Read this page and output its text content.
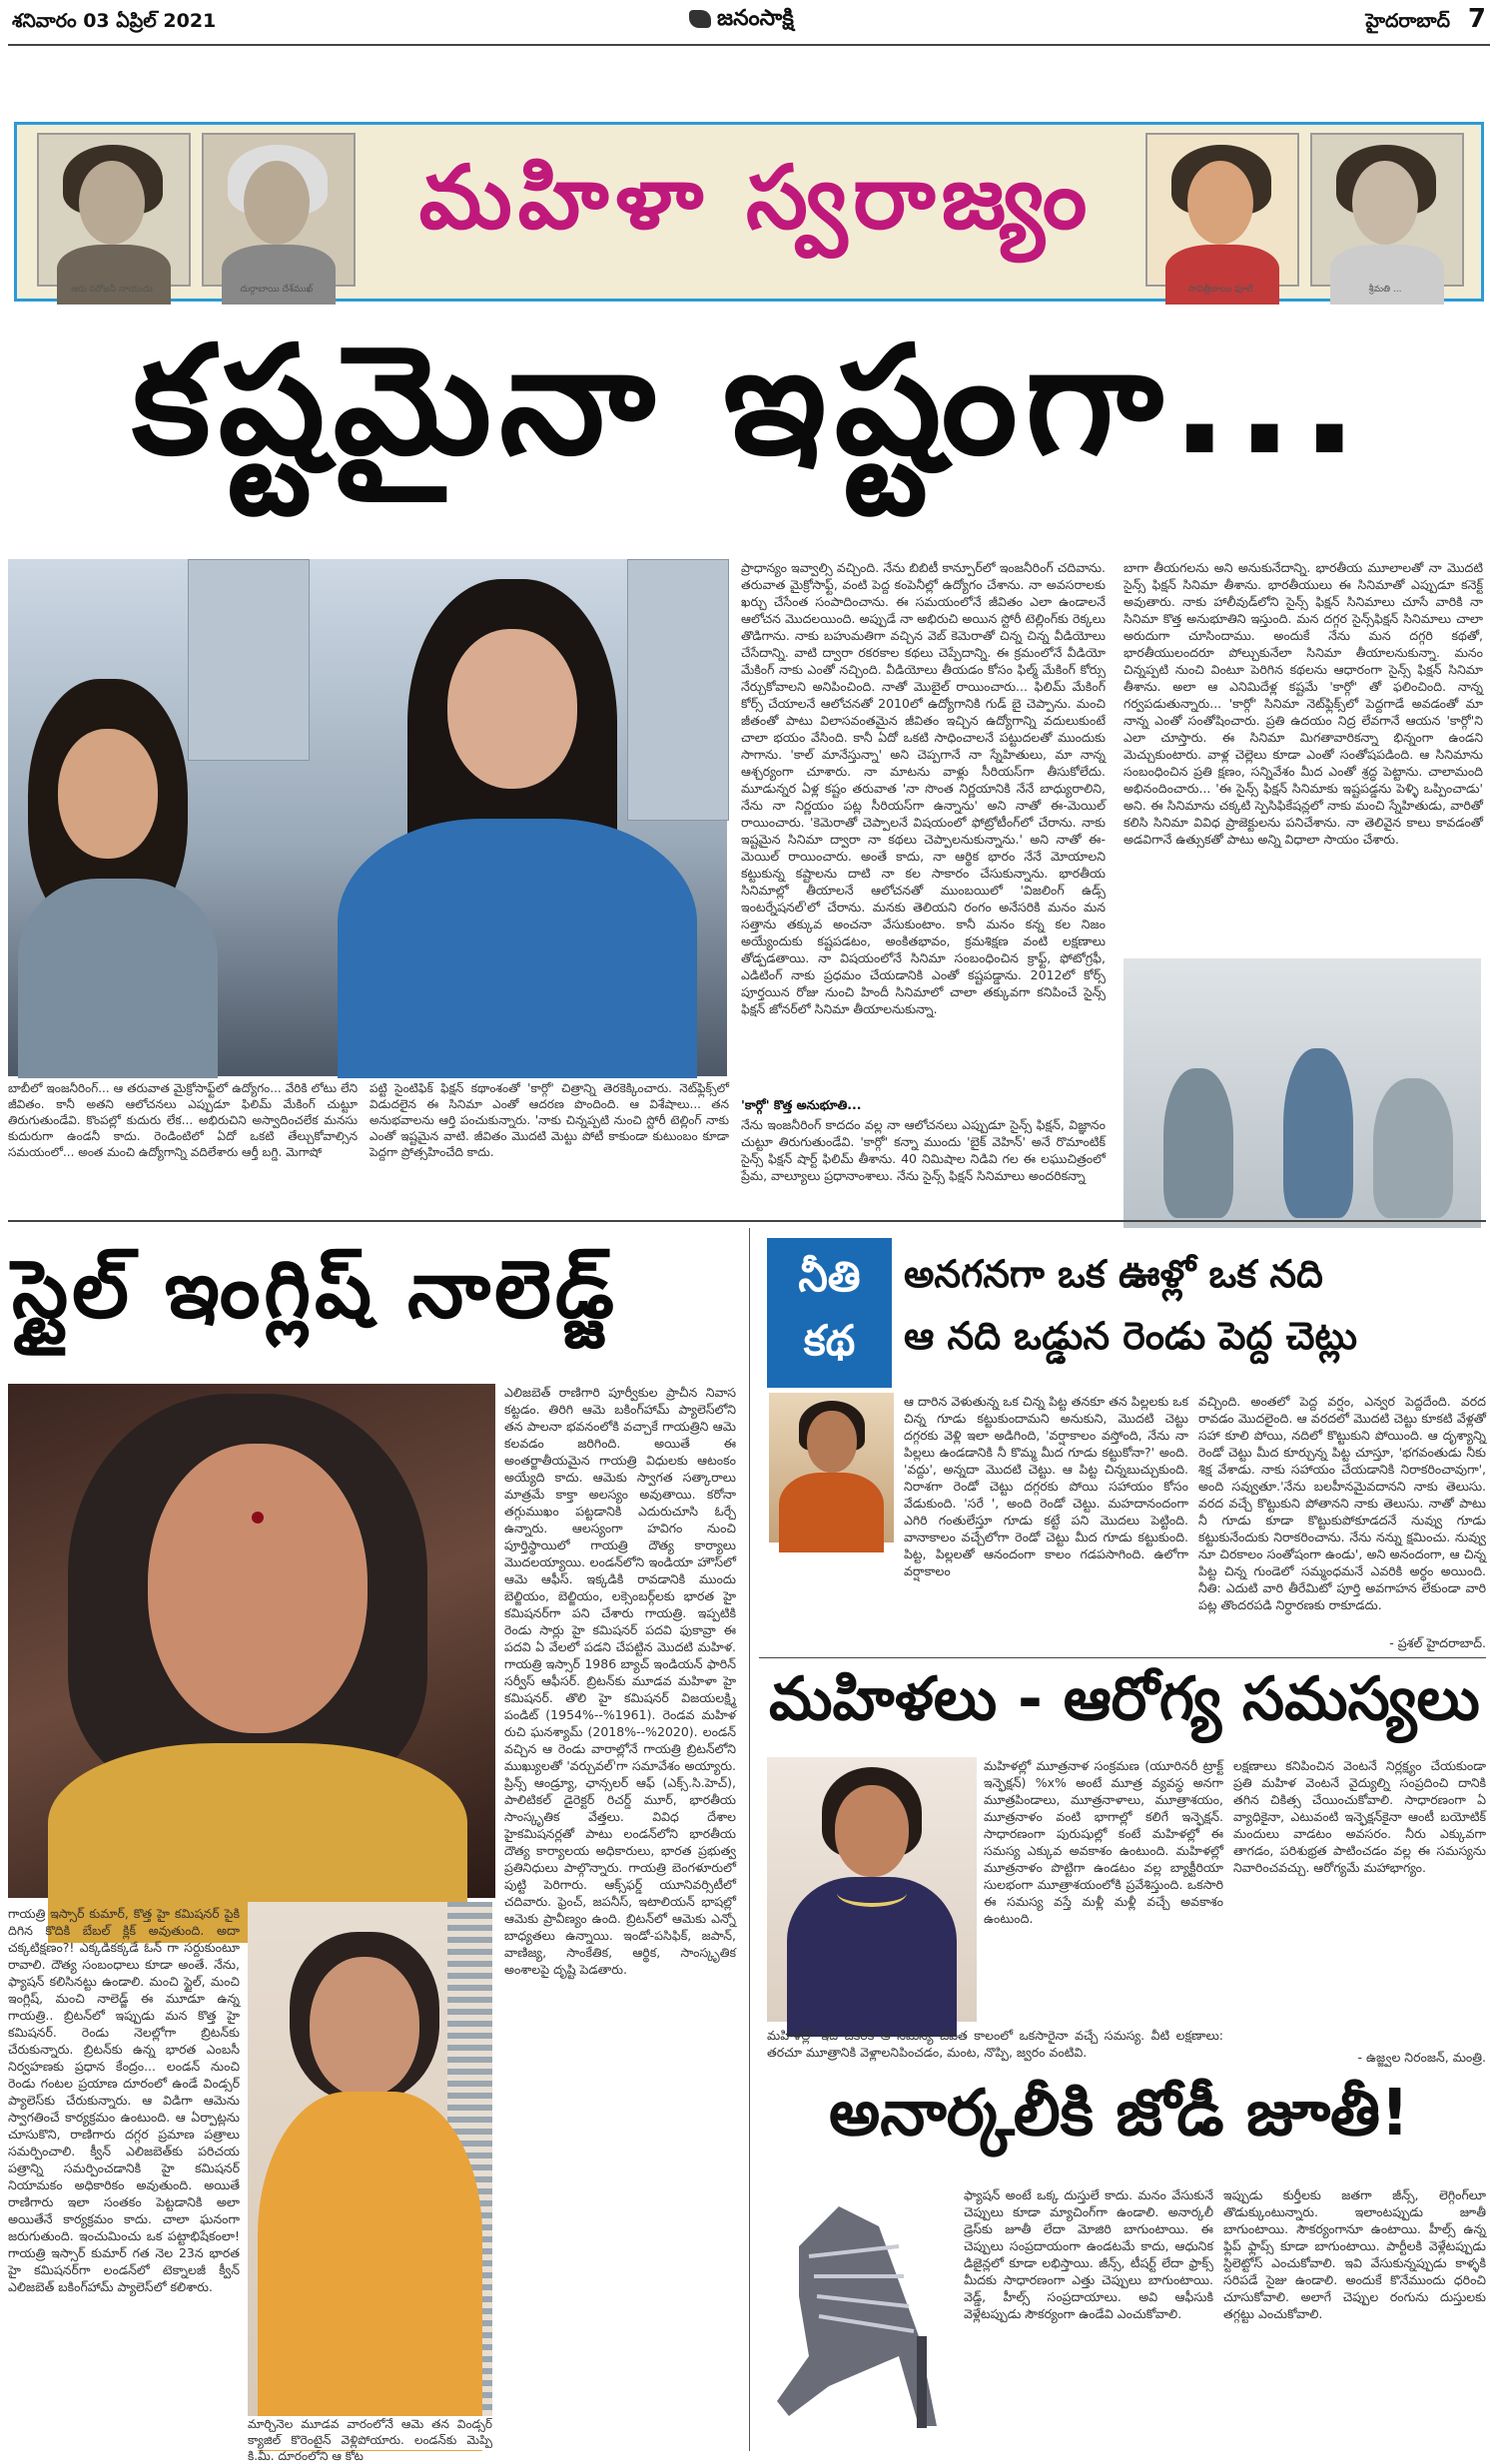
శనివారం 03 ఏప్రిల్ 2021	జనంసాక్షి	హైదరాబాద్ 7
ఆరు సరోజనీ నాయుడు	దుర్గాబాయి దేశ్‌ముఖ్
మహిళా స్వరాజ్యం
సావిత్రీబాయి ఫూలే	శ్రీమతి ...
కష్టమైనా ఇష్టంగా...
బాబీలో ఇంజనీరింగ్... ఆ తరువాత మైక్రోసాఫ్ట్‌లో ఉద్యోగం... వేరికి లోటు లేని జీవితం. కానీ అతని ఆలోచనలు ఎప్పుడూ ఫిలిమ్ మేకింగ్ చుట్టూ తిరుగుతుండేవి. కొంపల్లో కుదురు లేక... అభిరుచిని అస్వాదించలేక మనసు కుదురుగా ఉండనీ కాదు. రెండింటిలో ఏదో ఒకటి తేల్చుకోవాల్సిన సమయంలో... అంత మంచి ఉద్యోగాన్ని వదిలేశారు ఆర్తీ బగ్డి. మెగాషో
పట్టి సైంటిఫిక్ ఫిక్షన్ కథాంశంతో 'కార్గో' చిత్రాన్ని తెరకెక్కించారు. నెట్‌ఫ్లిక్స్‌లో విడుదలైన ఈ సినిమా ఎంతో ఆదరణ పొందింది. ఆ విశేషాలు... తన అనుభవాలను ఆర్తి పంచుకున్నారు. 'నాకు చిన్నప్పటి నుంచి స్టోరీ టెల్లింగ్ నాకు ఎంతో ఇష్టమైన వాటి. జీవితం మొదటి మెట్టు పోటీ కాకుండా కుటుంబం కూడా పెద్దగా ప్రోత్సహించేది కాదు.
ప్రాధాన్యం ఇవ్వాల్సి వచ్చింది. నేను బిబిటీ కాన్పూర్‌లో ఇంజనీరింగ్ చదివాను. తరువాత మైక్రోసాఫ్ట్, వంటి పెద్ద కంపెనీల్లో ఉద్యోగం చేశాను. నా అవసరాలకు ఖర్చు చేసేంత సంపాదించాను. ఈ సమయంలోనే జీవితం ఎలా ఉండాలనే ఆలోచన మొదలయింది. అప్పుడే నా అభిరుచి అయిన స్టోరీ టెల్లింగ్‌కు రెక్కలు తొడిగాను. నాకు బహుమతిగా వచ్చిన వెబ్ కెమెరాతో చిన్న చిన్న వీడియోలు చేసేదాన్ని. వాటి ద్వారా రకరకాల కథలు చెప్పేదాన్ని. ఈ క్రమంలోనే వీడియో మేకింగ్ నాకు ఎంతో నచ్చింది. వీడియోలు తీయడం కోసం ఫిల్మ్ మేకింగ్ కోర్సు నేర్చుకోవాలని అనిపించింది. నాతో మొబైల్ రాయించారు... ఫిలిమ్ మేకింగ్ కోర్స్ చేయాలనే ఆలోచనతో 2010లో ఉద్యోగానికి గుడ్ బై చెప్పాను. మంచి జీతంతో పాటు విలాసవంతమైన జీవితం ఇచ్చిన ఉద్యోగాన్ని వదులుకుంటే చాలా భయం వేసింది. కానీ ఏదో ఒకటి సాధించాలనే పట్టుదలతో ముందుకు సాగాను. 'కాల్ మానేస్తున్నా' అని చెప్పగానే నా స్నేహితులు, మా నాన్న ఆశ్చర్యంగా చూశారు. నా మాటను వాళ్లు సీరియస్‌గా తీసుకోలేదు. మూడున్నర ఏళ్ల కష్టం తరువాత 'నా సొంత నిర్ణయానికి నేనే బాధ్యురాలిని, నేను నా నిర్ణయం పట్ల సీరియస్‌గా ఉన్నాను' అని నాతో ఈ-మెయిల్ రాయించారు. 'కెమెరాతో చెప్పాలనే విషయంలో ఫోట్రోటీంగ్‌లో చేరాను. నాకు ఇష్టమైన సినిమా ద్వారా నా కథలు చెప్పాలనుకున్నాను.' అని నాతో ఈ-మెయిల్ రాయించారు. అంతే కాదు, నా ఆర్థిక భారం నేనే మోయాలని కట్టుకున్న కష్టాలను దాటి నా కల సాకారం చేసుకున్నాను. భారతీయ సినిమాల్లో తీయాలనే ఆలోచనతో ముంబయిలో 'విజలింగ్ ఉడ్స్ ఇంటర్నేషనల్'లో చేరాను. మనకు తెలియని రంగం అనేసరికి మనం మన సత్తాను తక్కువ అంచనా వేసుకుంటాం. కానీ మనం కన్న కల నిజం అయ్యేందుకు కష్టపడటం, అంకితభావం, క్రమశిక్షణ వంటి లక్షణాలు తోడ్పడతాయి. నా విషయంలోనే సినిమా సంబంధించిన క్రాఫ్ట్, ఫోటోగ్రఫీ, ఎడిటింగ్ నాకు ప్రధమం చేయడానికి ఎంతో కష్టపడ్డాను. 2012లో కోర్స్ పూర్తయిన రోజు నుంచి హిందీ సినిమాలో చాలా తక్కువగా కనిపించే సైన్స్ ఫిక్షన్ జోనర్‌లో సినిమా తీయాలనుకున్నా.
'కార్గో' కొత్త అనుభూతి...
నేను ఇంజనీరింగ్ కాదదం వల్ల నా ఆలోచనలు ఎప్పుడూ సైన్స్ ఫిక్షన్, విజ్ఞానం చుట్టూ తిరుగుతుండేవి. 'కార్గో' కన్నా ముందు 'బైక్ వెహిన్' అనే రొమాంటిక్ సైన్స్ ఫిక్షన్ షార్ట్ ఫిలిమ్ తీశాను. 40 నిమిషాల నిడివి గల ఈ లఘుచిత్రంలో ప్రేమ, వాల్యూలు ప్రధానాంశాలు. నేను సైన్స్ ఫిక్షన్ సినిమాలు అందరికన్నా
బాగా తీయగలను అని అనుకునేదాన్ని. భారతీయ మూలాలతో నా మొదటి సైన్స్ ఫిక్షన్ సినిమా తీశాను. భారతీయులు ఈ సినిమాతో ఎప్పుడూ కనెక్ట్ అవుతారు. నాకు హాలీవుడ్‌లోని సైన్స్ ఫిక్షన్ సినిమాలు చూసే వారికి నా సినిమా కొత్త అనుభూతిని ఇస్తుంది. మన దగ్గర సైన్స్‌ఫిక్షన్ సినిమాలు చాలా అరుదుగా చూసిందాము. అందుకే నేను మన దగ్గరి కథతో, భారతీయులందరూ పోల్చుకునేలా సినిమా తీయాలనుకున్నా. మనం చిన్నప్పటి నుంచి వింటూ పెరిగిన కథలను ఆధారంగా సైన్స్ ఫిక్షన్ సినిమా తీశాను. అలా ఆ ఎనిమిదేళ్ల కష్టమే 'కార్గో' తో ఫలించింది. నాన్న గర్వపడుతున్నారు... 'కార్గో' సినిమా నెట్‌ఫ్లిక్స్‌లో పెద్దగాడే అవడంతో మా నాన్న ఎంతో సంతోషించారు. ప్రతి ఉదయం నిద్ర లేవగానే ఆయన 'కార్గో'ని ఎలా చూస్తారు. ఈ సినిమా మిగతావారికన్నా భిన్నంగా ఉండని మెచ్చుకుంటారు. వాళ్ల చెల్లెలు కూడా ఎంతో సంతోషపడింది. ఆ సినిమాను సంబంధించిన ప్రతి క్షణం, సన్నివేశం మీద ఎంతో శ్రద్ధ పెట్టాను. చాలామంది అభినందించారు... 'ఈ సైన్స్ ఫిక్షన్ సినిమాకు ఇష్టపడ్డను పెళ్ళి ఒప్పించాడు' అని. ఈ సినిమాను చక్కటి స్పెసిఫికేషన్లలో నాకు మంచి స్నేహితుడు, వారితో కలిసి సినిమా వివిధ ప్రాజెక్టులను పనిచేశాను. నా తెలివైన కాలు కావడంతో అడవిగానే ఉత్సుకతో పాటు అన్ని విధాలా సాయం చేశారు.
స్టైల్ ఇంగ్లిష్ నాలెడ్జ్
ఎలిజబెత్ రాణిగారి పూర్వీకుల ప్రాచీన నివాస కట్టడం. తిరిగి ఆమె బకింగ్‌హామ్ ప్యాలెస్‌లోని తన పాలనా భవనంలోకి వచ్చాకే గాయత్రిని ఆమె కలవడం జరిగింది. అయితే ఈ అంతర్జాతీయమైన గాయత్రి విధులకు ఆటంకం అయ్యేది కాదు. ఆమెకు స్వాగత సత్కారాలు మాత్రమే కాక్తా అలస్యం అవుతాయి. కరోనా తగ్గుముఖం పట్టడానికి ఎదురుచూసి ఓర్చే ఉన్నారు. ఆలస్యంగా హవిగం నుంచి పూర్తిస్థాయిలో గాయత్రి దౌత్య కార్యాలు మొదలయ్యాయి. లండన్‌లోని ఇండియా హౌస్‌లో ఆమె ఆఫీస్. ఇక్కడికి రావడానికి ముందు బెల్జియం, బెల్జియం, లక్సెంబర్గ్‌లకు భారత హై కమిషనర్‌గా పని చేశారు గాయత్రి. ఇప్పటికి రెండు సార్లు హై కమిషనర్ పదవి ఫుకావ్రా ఈ పదవి ఏ వేలలో పడని చేపట్టిన మొదటి మహిళ. గాయత్రి ఇస్సార్ 1986 బ్యాచ్ ఇండియన్ ఫారిన్ సర్వీస్ ఆఫీసర్. బ్రిటన్‌కు మూడవ మహిళా హై కమిషనర్. తొలి హై కమిషనర్ విజయలక్ష్మి పండిట్ (1954%--%1961). రెండవ మహిళ రుచి ఘనశ్యామ్ (2018%--%2020). లండన్ వచ్చిన ఆ రెండు వారాల్లోనే గాయత్రి బ్రిటన్‌లోని ముఖ్యులతో 'వర్చువల్'గా సమావేశం అయ్యారు. ప్రిన్స్ ఆండ్ర్యూ, ఛాన్సలర్ ఆఫ్ (ఎక్స్.సి.హెచ్), పాలిటికల్ డైరెక్టర్ రిచర్డ్ మూర్, భారతీయ సాంస్కృతిక వేత్తలు. వివిధ దేశాల హైకమిషనర్లతో పాటు లండన్‌లోని భారతీయ దౌత్య కార్యాలయ అధికారులు, భారత ప్రభుత్వ ప్రతినిధులు పాల్గొన్నారు. గాయత్రి బెంగళూరులో పుట్టి పెరిగారు. ఆక్స్‌ఫర్డ్ యూనివర్సిటీలో చదివారు. ఫ్రెంచ్, జపనీస్, ఇటాలియన్ భాషల్లో ఆమెకు ప్రావీణ్యం ఉంది. బ్రిటన్‌లో ఆమెకు ఎన్నో బాధ్యతలు ఉన్నాయి. ఇండో-పసిఫిక్, జపాన్, వాణిజ్య, సాంకేతిక, ఆర్థిక, సాంస్కృతిక అంశాలపై దృష్టి పెడతారు.
గాయత్రి ఇస్సార్ కుమార్, కొత్త హై కమిషనర్ పైకి దిగిన కొదికి బేబల్ క్లిక్ అవుతుంది. అదా చక్కటిక్షణం?! ఎక్కడికక్కడే ఓన్ గా సర్దుకుంటూ రావాలి. దౌత్య సంబంధాలు కూడా అంతే. నేను, ఫ్యాషన్ కలిసినట్టు ఉండాలి. మంచి స్టైల్, మంచి ఇంగ్లిష్, మంచి నాలెడ్జ్ ఈ మూడూ ఉన్న గాయత్రి.. బ్రిటన్‌లో ఇప్పుడు మన కొత్త హై కమిషనర్. రెండు నెలల్లోగా బ్రిటన్‌కు చేరుకున్నారు. బ్రిటన్‌కు ఉన్న భారత ఎంబసీ నిర్వహణకు ప్రధాన కేంద్రం... లండన్ నుంచి రెండు గంటల ప్రయాణ దూరంలో ఉండే విండ్సర్ ప్యాలెస్‌కు చేరుకున్నారు. ఆ విడిగా ఆమెను స్వాగతించే కార్యక్రమం ఉంటుంది. ఆ ఏర్పాట్లను చూసుకొని, రాణిగారు దగ్గర ప్రమాణ పత్రాలు సమర్పించాలి. క్వీన్ ఎలిజబెత్‌కు పరిచయ పత్రాన్ని సమర్పించడానికి హై కమిషనర్ నియామకం అధికారికం అవుతుంది. అయితే రాణిగారు ఇలా సంతకం పెట్టడానికి అలా అయితేనే కార్యక్రమం కాదు. చాలా ఘనంగా జరుగుతుంది. ఇంచుమించు ఒక పట్టాభిషేకంలా! గాయత్రి ఇస్సార్ కుమార్ గత నెల 23న భారత హై కమిషనర్‌గా లండన్‌లో టెక్నాలజీ క్వీన్ ఎలిజబెత్ బకింగ్‌హామ్ ప్యాలెస్‌లో కలిశారు.
మార్చినెల మూడవ వారంలోనే ఆమె తన విండ్సర్ క్యాజిల్ కొరెంటైన్ వెళ్లిపోయారు. లండన్‌కు మెప్పి కి.మీ. దూరంలోని ఆ కోట
నీతి
కథ
అనగనగా ఒక ఊళ్లో ఒక నది
ఆ నది ఒడ్డున రెండు పెద్ద చెట్లు
ఆ దారిన వెళుతున్న ఒక చిన్న పిట్ట తనకూ తన పిల్లలకు ఒక చిన్న గూడు కట్టుకుందామని అనుకుని, మొదటి చెట్టు దగ్గరకు వెళ్లి ఇలా అడిగింది, 'వర్షాకాలం వస్తోంది, నేను నా పిల్లలు ఉండడానికి నీ కొమ్మ మీద గూడు కట్టుకోనా?' అంది. 'వద్దు', అన్నదా మొదటి చెట్టు. ఆ పిట్ట చిన్నబుచ్చుకుంది. నిరాశగా రెండో చెట్టు దగ్గరకు పోయి సహాయం కోసం వేడుకుంది. 'సరే ', అంది రెండో చెట్టు. మహదానందంగా ఎగిరి గంతులేస్తూ గూడు కట్టే పని మొదలు పెట్టింది. వానాకాలం వచ్చేలోగా రెండో చెట్టు మీద గూడు కట్టుకుంది. పిట్ట, పిల్లలతో ఆనందంగా కాలం గడపసాగింది. ఉలోగా వర్షాకాలం
వచ్చింది. అంతలో పెద్ద వర్షం, ఎన్వర పెద్దదేంది. వరద రావడం మొదలైంది. ఆ వరదలో మొదటి చెట్టు కూకటి వేళ్లతో సహా కూలి పోయి, నదిలో కొట్టుకుని పోయింది. ఆ దృశ్యాన్ని రెండో చెట్టు మీద కూర్చున్న పిట్ట చూస్తూ, 'భగవంతుడు నీకు శిక్ష వేశాడు. నాకు సహాయం చేయడానికి నిరాకరించావుగా', అంది సవ్వుతూ.'నేను బలహీనమైవదానని నాకు తెలుసు. వరద వచ్చే కొట్టుకుని పోతానని నాకు తెలుసు. నాతో పాటు నీ గూడు కూడా కొట్టుకుపోకూడదనే నువ్వు గూడు కట్టుకునేందుకు నిరాకరించాను. నేను నన్ను క్షమించు. నువ్వు నూ చిరకాలం సంతోషంగా ఉండు', అని అనందంగా, ఆ చిన్న పిట్ట చిన్న గుండెలో సమ్మంధమనే ఎవరికి అర్ధం అయింది. నీతి: ఎదుటి వారి తీరేమిటో పూర్తి అవగాహన లేకుండా వారి పట్ల తొందరపడి నిర్ధారణకు రాకూడదు.
- ప్రశల్ హైదరాబాద్.
మహిళలు - ఆరోగ్య సమస్యలు
మహిళల్లో మూత్రనాళ సంక్రమణ (యూరినరీ ట్రాక్ట్ ఇన్ఫెక్షన్) %x% అంటే మూత్ర వ్యవస్థ అనగా మూత్రపిండాలు, మూత్రనాళాలు, మూత్రాశయం, మూత్రనాళం వంటి భాగాల్లో కలిగే ఇన్ఫెక్షన్. సాధారణంగా పురుషుల్లో కంటే మహిళల్లో ఈ సమస్య ఎక్కువ అవకాశం ఉంటుంది. మహిళల్లో మూత్రనాళం పొట్టిగా ఉండటం వల్ల బ్యాక్టీరియా సులభంగా మూత్రాశయంలోకి ప్రవేశిస్తుంది. ఒకసారి ఈ సమస్య వస్తే మళ్లీ మళ్లీ వచ్చే అవకాశం ఉంటుంది.
మహిళల్లో ఇది ఒకరికి ఆ సమస్య జీవిత కాలంలో ఒకసారైనా వచ్చే సమస్య. వీటి లక్షణాలు: తరచూ మూత్రానికి వెళ్లాలనిపించడం, మంట, నొప్పి, జ్వరం వంటివి.
లక్షణాలు కనిపించిన వెంటనే నిర్లక్ష్యం చేయకుండా ప్రతి మహిళ వెంటనే వైద్యుల్ని సంప్రదించి దానికి తగిన చికిత్స చేయించుకోవాలి. సాధారణంగా ఏ వ్యాధికైనా, ఎటువంటి ఇన్ఫెక్షన్‌కైనా ఆంటీ బయోటిక్ మందులు వాడటం అవసరం. నీరు ఎక్కువగా తాగడం, పరిశుభ్రత పాటించడం వల్ల ఈ సమస్యను నివారించవచ్చు. ఆరోగ్యమే మహాభాగ్యం.
- ఉజ్జ్వల నిరంజన్, మంత్రి.
అనార్కలీకి జోడీ జూతీ!
ఫ్యాషన్ అంటే ఒక్క దుస్తులే కాదు. మనం వేసుకునే చెప్పులు కూడా మ్యాచింగ్‌గా ఉండాలి. అనార్కలీ డ్రెస్‌కు జూతీ లేదా మోజిరి బాగుంటాయి. ఈ చెప్పులు సంప్రదాయంగా ఉండటమే కాదు, ఆధునిక డిజైన్లలో కూడా లభిస్తాయి. జీన్స్, టీషర్ట్ లేదా ఫ్రాక్స్ మీదకు సాధారణంగా ఎత్తు చెప్పులు బాగుంటాయి. వెడ్డ్, హీల్స్ సంప్రదాయాలు. అవి ఆఫీసుకి వెళ్లేటప్పుడు సౌకర్యంగా ఉండేవి ఎంచుకోవాలి.
ఇప్పుడు కుర్తీలకు జతగా జీన్స్, లెగ్గింగ్‌లూ తొడుక్కుంటున్నారు. ఇలాంటప్పుడు జూతీ బాగుంటాయి. సౌకర్యంగానూ ఉంటాయి. హీల్స్ ఉన్న ఫ్లిప్ ఫ్లాప్స్ కూడా బాగుంటాయి. పార్టీలకి వెళ్లేటప్పుడు స్టిలెట్టోస్ ఎంచుకోవాలి. ఇవి వేసుకున్నప్పుడు కాళ్ళకి సరిపడే సైజు ఉండాలి. అందుకే కొనేముందు ధరించి చూసుకోవాలి. అలాగే చెప్పుల రంగును దుస్తులకు తగ్గట్టు ఎంచుకోవాలి.
